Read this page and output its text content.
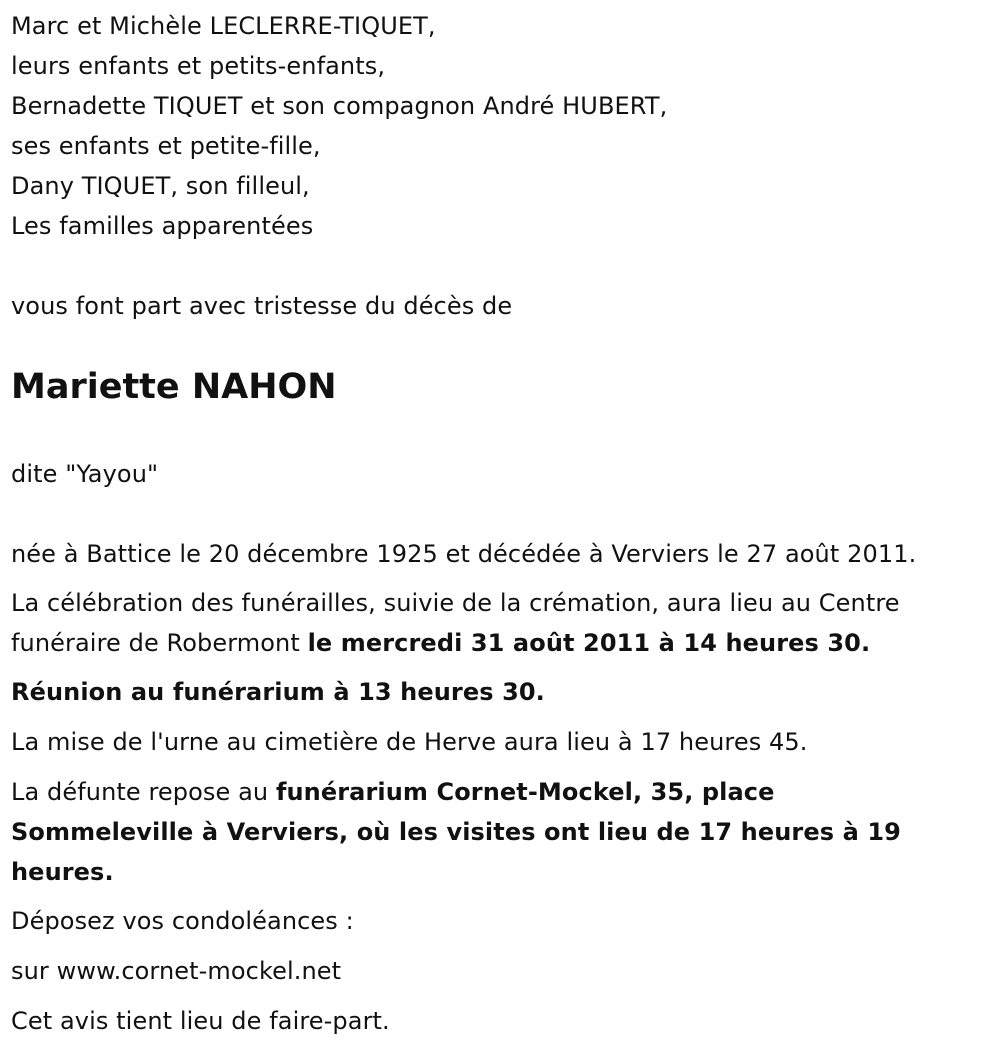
Marc et Michèle LECLERRE-TIQUET,
leurs enfants et petits-enfants,
Bernadette TIQUET et son compagnon André HUBERT,
ses enfants et petite-fille,
Dany TIQUET, son filleul,
Les familles apparentées
vous font part avec tristesse du décès de
Mariette NAHON
dite "Yayou"
née à Battice le 20 décembre 1925 et décédée à Verviers le 27 août 2011.
La célébration des funérailles, suivie de la crémation, aura lieu au Centre funéraire de Robermont le mercredi 31 août 2011 à 14 heures 30.
Réunion au funérarium à 13 heures 30.
La mise de l'urne au cimetière de Herve aura lieu à 17 heures 45.
La défunte repose au funérarium Cornet-Mockel, 35, place Sommeleville à Verviers, où les visites ont lieu de 17 heures à 19 heures.
Déposez vos condoléances :
sur www.cornet-mockel.net
Cet avis tient lieu de faire-part.
